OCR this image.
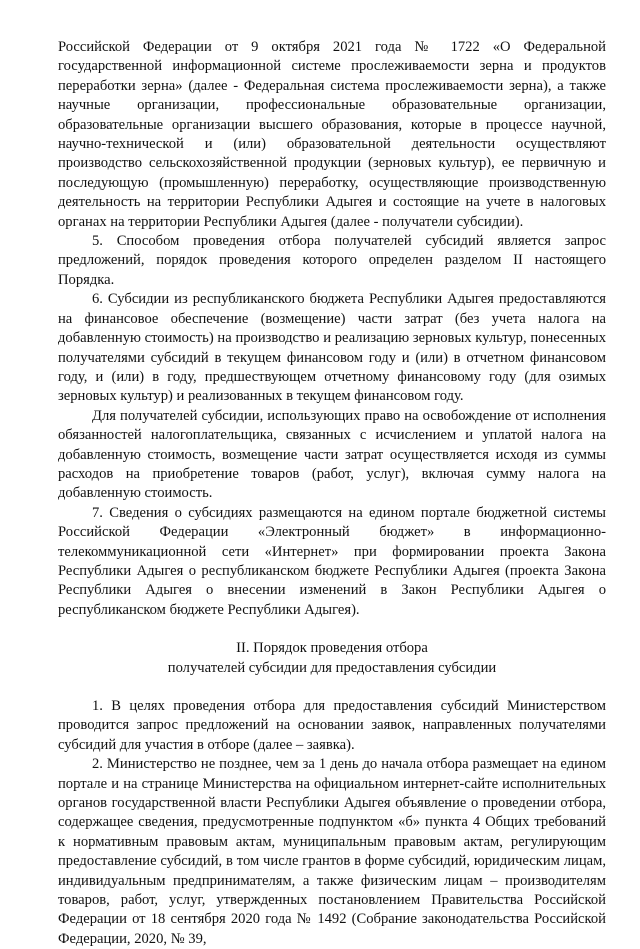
Российской Федерации от 9 октября 2021 года № 1722 «О Федеральной государственной информационной системе прослеживаемости зерна и продуктов переработки зерна» (далее - Федеральная система прослеживаемости зерна), а также научные организации, профессиональные образовательные организации, образовательные организации высшего образования, которые в процессе научной, научно-технической и (или) образовательной деятельности осуществляют производство сельскохозяйственной продукции (зерновых культур), ее первичную и последующую (промышленную) переработку, осуществляющие производственную деятельность на территории Республики Адыгея и состоящие на учете в налоговых органах на территории Республики Адыгея (далее - получатели субсидии).

5. Способом проведения отбора получателей субсидий является запрос предложений, порядок проведения которого определен разделом II настоящего Порядка.

6. Субсидии из республиканского бюджета Республики Адыгея предоставляются на финансовое обеспечение (возмещение) части затрат (без учета налога на добавленную стоимость) на производство и реализацию зерновых культур, понесенных получателями субсидий в текущем финансовом году и (или) в отчетном финансовом году, и (или) в году, предшествующем отчетному финансовому году (для озимых зерновых культур) и реализованных в текущем финансовом году.

Для получателей субсидии, использующих право на освобождение от исполнения обязанностей налогоплательщика, связанных с исчислением и уплатой налога на добавленную стоимость, возмещение части затрат осуществляется исходя из суммы расходов на приобретение товаров (работ, услуг), включая сумму налога на добавленную стоимость.

7. Сведения о субсидиях размещаются на едином портале бюджетной системы Российской Федерации «Электронный бюджет» в информационно-телекоммуникационной сети «Интернет» при формировании проекта Закона Республики Адыгея о республиканском бюджете Республики Адыгея (проекта Закона Республики Адыгея о внесении изменений в Закон Республики Адыгея о республиканском бюджете Республики Адыгея).

II. Порядок проведения отбора

получателей субсидии для предоставления субсидии

1. В целях проведения отбора для предоставления субсидий Министерством проводится запрос предложений на основании заявок, направленных получателями субсидий для участия в отборе (далее – заявка).

2. Министерство не позднее, чем за 1 день до начала отбора размещает на едином портале и на странице Министерства на официальном интернет-сайте исполнительных органов государственной власти Республики Адыгея объявление о проведении отбора, содержащее сведения, предусмотренные подпунктом «б» пункта 4 Общих требований к нормативным правовым актам, муниципальным правовым актам, регулирующим предоставление субсидий, в том числе грантов в форме субсидий, юридическим лицам, индивидуальным предпринимателям, а также физическим лицам – производителям товаров, работ, услуг, утвержденных постановлением Правительства Российской Федерации от 18 сентября 2020 года № 1492 (Собрание законодательства Российской Федерации, 2020, № 39,
